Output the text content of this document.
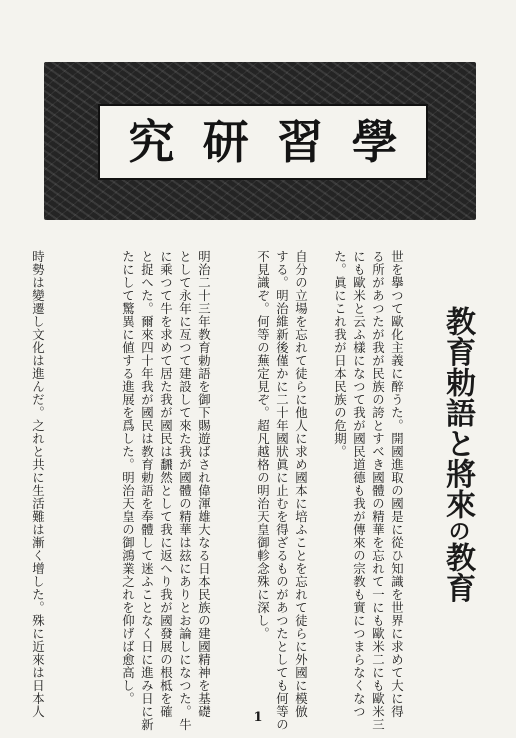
究 研 習 學
教育勅語と將來の教育
世を擧つて歐化主義に醉うた。開國進取の國是に從ひ知識を世界に求めて大に得
る所があつたが我が民族の誇とすべき國體の精華を忘れて一にも歐米二にも歐米三
にも歐米と云ふ樣になつて我が國民道德も我が傳來の宗教も實につまらなくなつ
た。眞にこれ我が日本民族の危期。
自分の立場を忘れて徒らに他人に求め國本に培ふことを忘れて徒らに外國に模倣
する。明治維新後僅かに二十年國狀眞に止むを得ざるものがあつたとしても何等の
不見識ぞ。何等の蕪定見ぞ。超凡越格の明治天皇御軫念殊に深し。
明治二十三年教育勅語を御下賜遊ばされ偉渾雄大なる日本民族の建國精神を基礎
として永年に亙つて建設して來た我が國體の精華は玆にありとお論しになつた。牛
に乘つて牛を求めて居た我が國民は飜然として我に返へり我が國發展の根柢を確
と捉へた。爾來四十年我が國民は教育勅語を奉體して迷ふことなく日に進み日に新
たにして驚異に値する進展を爲した。明治天皇の御鴻業之れを仰げば愈高し。
時勢は變遷し文化は進んだ。之れと共に生活難は漸く增した。殊に近來は日本人	1
